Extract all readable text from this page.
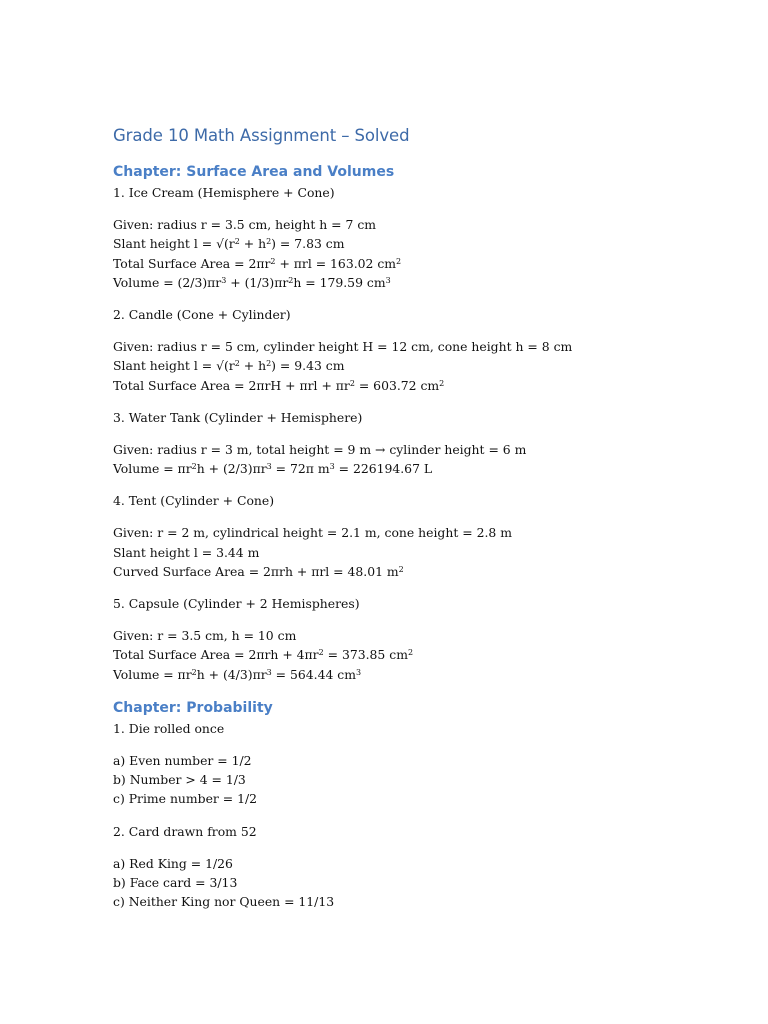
Grade 10 Math Assignment – Solved
Chapter: Surface Area and Volumes

1. Ice Cream (Hemisphere + Cone)

Given: radius r = 3.5 cm, height h = 7 cm

Slant height $l = √(r^2 + h^2) = 7.83$ cm

Total Surface Area = $2\pi r^2 + \pi rl = 163.02$ $cm^2$

Volume = $(2/3)\pi r^3 + (1/3)\pi r^2h = 179.59$ $cm^3$

2. Candle (Cone + Cylinder)

Given: radius r = 5 cm, cylinder height H = 12 cm, cone height h = 8 cm

Slant height $l = √(r^2 + h^2) = 9.43$ cm

Total Surface Area = $2\pi rH + \pi rl + \pi r^2 = 603.72$ $cm^2$

3. Water Tank (Cylinder + Hemisphere)

Given: radius r = 3 m, total height = 9 m → cylinder height = 6 m

Volume = $\pi r^2h + (2/3)\pi r^3 = 72\pi$ $m^3 = 226194.67$ L

4. Tent (Cylinder + Cone)

Given: r = 2 m, cylindrical height = 2.1 m, cone height = 2.8 m

Slant height l = 3.44 m

Curved Surface Area = 2πrh + πrl = 48.01 $m^2$

5. Capsule (Cylinder + 2 Hemispheres)

Given: r = 3.5 cm, h = 10 cm

Total Surface Area = $2\pi rh + 4\pi r^2 = 373.85$ $cm^2$

Volume = $\pi r^2h + (4/3)\pi r^3 = 564.44$ $cm^3$

Chapter: Probability

1. Die rolled once

a) Even number = 1/2

b) Number > 4 = 1/3

c) Prime number = 1/2

2. Card drawn from 52

a) Red King = 1/26

b) Face card = 3/13

c) Neither King nor Queen = 11/13
